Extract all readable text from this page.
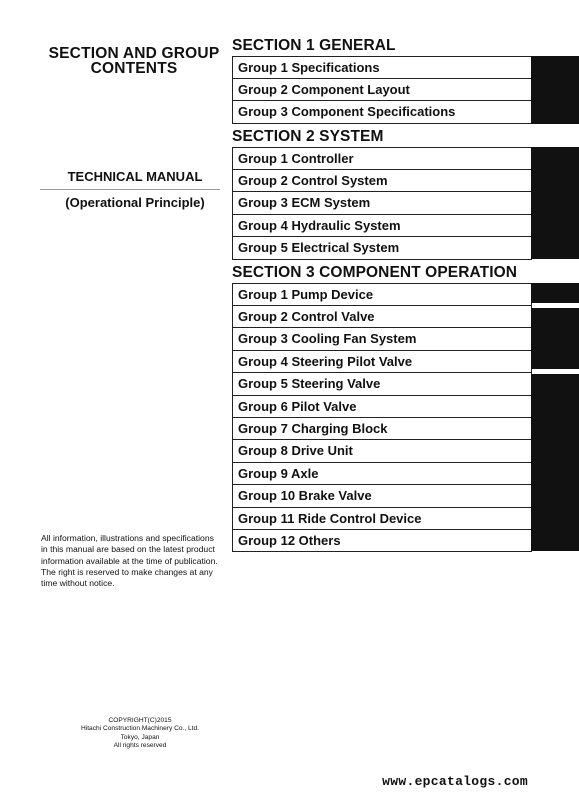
SECTION AND GROUP
CONTENTS
TECHNICAL MANUAL
(Operational Principle)
All information, illustrations and specifications in this manual are based on the latest product information available at the time of publication. The right is reserved to make changes at any time without notice.
COPYRIGHT(C)2015
Hitachi Construction Machinery Co., Ltd.
Tokyo, Japan
All rights reserved
SECTION 1 GENERAL
Group 1 Specifications
Group 2 Component Layout
Group 3 Component Specifications
SECTION 2 SYSTEM
Group 1 Controller
Group 2 Control System
Group 3 ECM System
Group 4 Hydraulic System
Group 5 Electrical System
SECTION 3 COMPONENT OPERATION
Group 1 Pump Device
Group 2 Control Valve
Group 3 Cooling Fan System
Group 4 Steering Pilot Valve
Group 5 Steering Valve
Group 6 Pilot Valve
Group 7 Charging Block
Group 8 Drive Unit
Group 9 Axle
Group 10 Brake Valve
Group 11 Ride Control Device
Group 12 Others
www.epcatalogs.com
